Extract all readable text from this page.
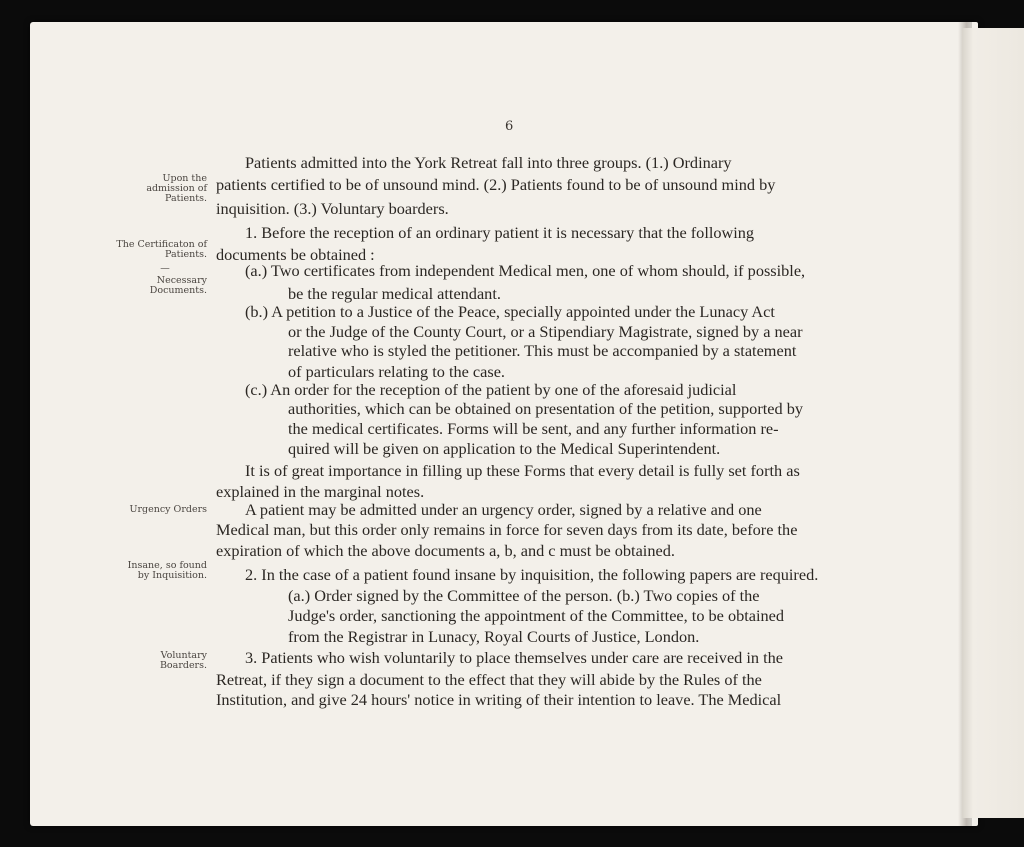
6
Upon the admission of Patients.
The Certificaton of Patients.
—
Necessary Documents.
Urgency Orders
Insane, so found by Inquisition.
Voluntary Boarders.
Patients admitted into the York Retreat fall into three groups. (1.) Ordinary
patients certified to be of unsound mind. (2.) Patients found to be of unsound mind by
inquisition. (3.) Voluntary boarders.
1. Before the reception of an ordinary patient it is necessary that the following
documents be obtained :
(a.) Two certificates from independent Medical men, one of whom should, if possible,
be the regular medical attendant.
(b.) A petition to a Justice of the Peace, specially appointed under the Lunacy Act
or the Judge of the County Court, or a Stipendiary Magistrate, signed by a near
relative who is styled the petitioner. This must be accompanied by a statement
of particulars relating to the case.
(c.) An order for the reception of the patient by one of the aforesaid judicial
authorities, which can be obtained on presentation of the petition, supported by
the medical certificates. Forms will be sent, and any further information re-
quired will be given on application to the Medical Superintendent.
It is of great importance in filling up these Forms that every detail is fully set forth as
explained in the marginal notes.
A patient may be admitted under an urgency order, signed by a relative and one
Medical man, but this order only remains in force for seven days from its date, before the
expiration of which the above documents a, b, and c must be obtained.
2. In the case of a patient found insane by inquisition, the following papers are required.
(a.) Order signed by the Committee of the person. (b.) Two copies of the
Judge's order, sanctioning the appointment of the Committee, to be obtained
from the Registrar in Lunacy, Royal Courts of Justice, London.
3. Patients who wish voluntarily to place themselves under care are received in the
Retreat, if they sign a document to the effect that they will abide by the Rules of the
Institution, and give 24 hours' notice in writing of their intention to leave. The Medical
